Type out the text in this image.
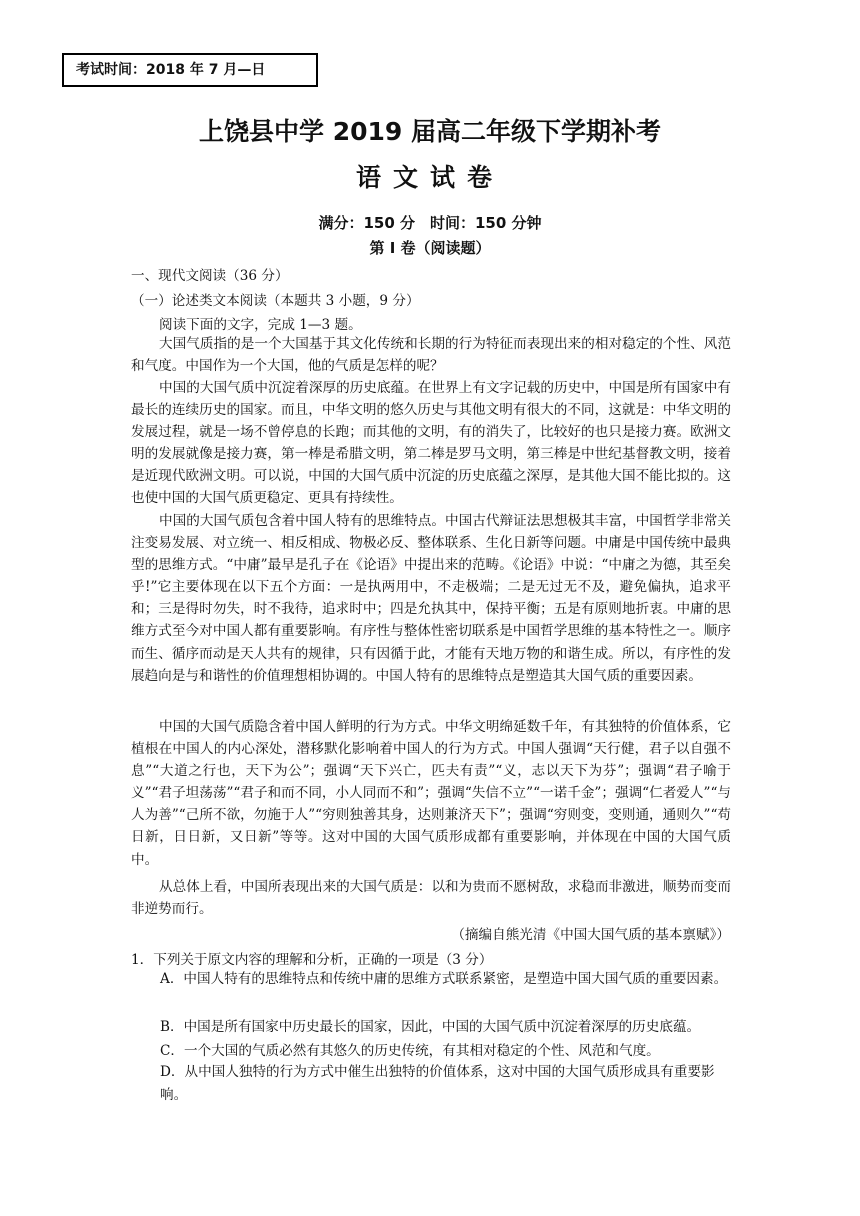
考试时间：2018 年 7 月—日
上饶县中学 2019 届高二年级下学期补考
语文试卷
满分：150 分　时间：150 分钟
第 I 卷（阅读题）
一、现代文阅读（36 分）
（一）论述类文本阅读（本题共 3 小题，9 分）
阅读下面的文字，完成 1—3 题。
大国气质指的是一个大国基于其文化传统和长期的行为特征而表现出来的相对稳定的个性、风范和气度。中国作为一个大国，他的气质是怎样的呢？
中国的大国气质中沉淀着深厚的历史底蕴。在世界上有文字记载的历史中，中国是所有国家中有最长的连续历史的国家。而且，中华文明的悠久历史与其他文明有很大的不同，这就是：中华文明的发展过程，就是一场不曾停息的长跑；而其他的文明，有的消失了，比较好的也只是接力赛。欧洲文明的发展就像是接力赛，第一棒是希腊文明，第二棒是罗马文明，第三棒是中世纪基督教文明，接着是近现代欧洲文明。可以说，中国的大国气质中沉淀的历史底蕴之深厚，是其他大国不能比拟的。这也使中国的大国气质更稳定、更具有持续性。
中国的大国气质包含着中国人特有的思维特点。中国古代辩证法思想极其丰富，中国哲学非常关注变易发展、对立统一、相反相成、物极必反、整体联系、生化日新等问题。中庸是中国传统中最典型的思维方式。“中庸”最早是孔子在《论语》中提出来的范畴。《论语》中说：“中庸之为德，其至矣乎!”它主要体现在以下五个方面：一是执两用中，不走极端；二是无过无不及，避免偏执，追求平和；三是得时勿失，时不我待，追求时中；四是允执其中，保持平衡；五是有原则地折衷。中庸的思维方式至今对中国人都有重要影响。有序性与整体性密切联系是中国哲学思维的基本特性之一。顺序而生、循序而动是天人共有的规律，只有因循于此，才能有天地万物的和谐生成。所以，有序性的发展趋向是与和谐性的价值理想相协调的。中国人特有的思维特点是塑造其大国气质的重要因素。
中国的大国气质隐含着中国人鲜明的行为方式。中华文明绵延数千年，有其独特的价值体系，它植根在中国人的内心深处，潜移默化影响着中国人的行为方式。中国人强调“天行健，君子以自强不息”“大道之行也，天下为公”；强调“天下兴亡，匹夫有责”“义，志以天下为芬”；强调“君子喻于义”“君子坦荡荡”“君子和而不同，小人同而不和”；强调“失信不立”“一诺千金”；强调“仁者爱人”“与人为善”“己所不欲，勿施于人”“穷则独善其身，达则兼济天下”；强调“穷则变，变则通，通则久”“苟日新，日日新，又日新”等等。这对中国的大国气质形成都有重要影响，并体现在中国的大国气质中。
从总体上看，中国所表现出来的大国气质是：以和为贵而不愿树敌，求稳而非激进，顺势而变而非逆势而行。
（摘编自熊光清《中国大国气质的基本禀赋》）
1．下列关于原文内容的理解和分析，正确的一项是（3 分）
A．中国人特有的思维特点和传统中庸的思维方式联系紧密，是塑造中国大国气质的重要因素。
B．中国是所有国家中历史最长的国家，因此，中国的大国气质中沉淀着深厚的历史底蕴。
C．一个大国的气质必然有其悠久的历史传统，有其相对稳定的个性、风范和气度。
D．从中国人独特的行为方式中催生出独特的价值体系，这对中国的大国气质形成具有重要影响。
